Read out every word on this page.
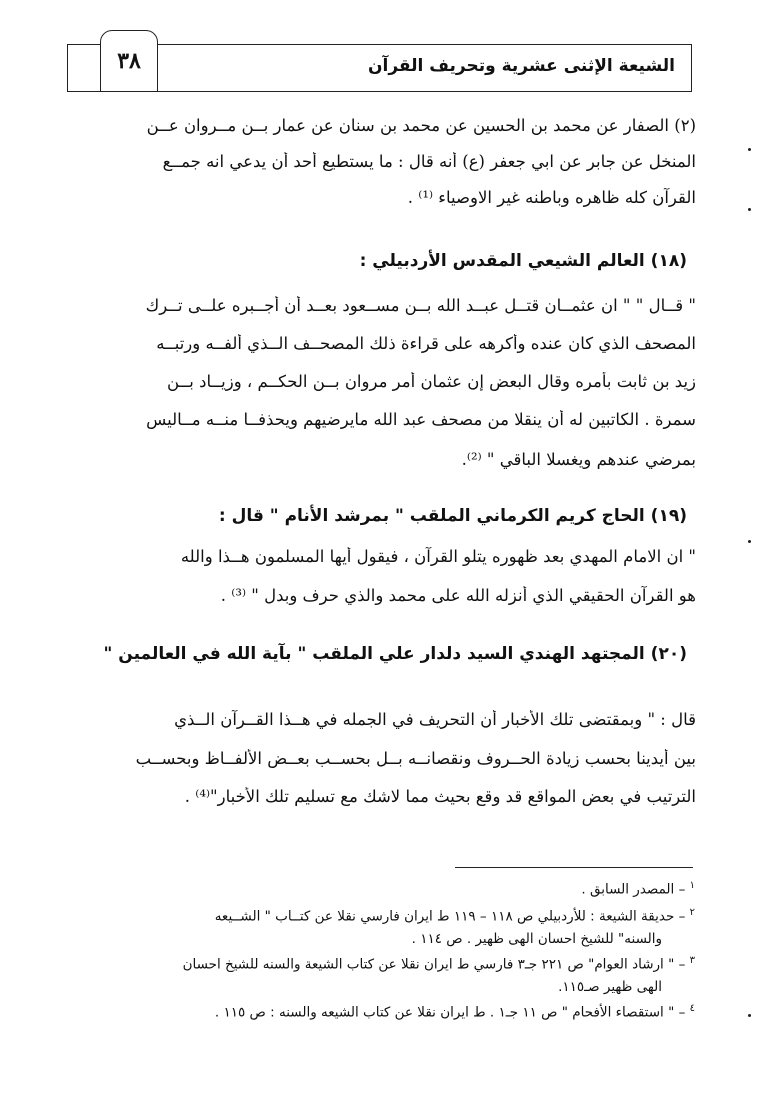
الشيعة الإثنى عشرية وتحريف القرآن
٣٨
(٢) الصفار عن محمد بن الحسين عن محمد بن سنان عن عمار بــن مــروان عــن
المنخل عن جابر عن ابي جعفر (ع) أنه قال : ما يستطيع أحد أن يدعي انه جمــع
القرآن كله ظاهره وباطنه غير الاوصياء ⁽¹⁾ .
(١٨) العالم الشيعي المقدس الأردبيلي :
" قــال " " ان عثمــان قتــل عبــد الله بــن مســعود بعــد أن أجــبره علــى تــرك
المصحف الذي كان عنده وأكرهه على قراءة ذلك المصحــف الــذي ألفــه ورتبــه
زيد بن ثابت بأمره وقال البعض إن عثمان أمر مروان بــن الحكــم ، وزيــاد بــن
سمرة . الكاتبين له أن ينقلا من مصحف عبد الله مايرضيهم ويحذفــا منــه مــاليس
بمرضي عندهم ويغسلا الباقي " ⁽²⁾.
(١٩) الحاج كريم الكرماني الملقب " بمرشد الأنام " قال :
" ان الامام المهدي بعد ظهوره يتلو القرآن ، فيقول أيها المسلمون هــذا والله
هو القرآن الحقيقي الذي أنزله الله على محمد والذي حرف وبدل " ⁽³⁾ .
(٢٠) المجتهد الهندي السيد دلدار علي الملقب " بآية الله في العالمين "
قال : " وبمقتضى تلك الأخبار أن التحريف في الجمله في هــذا القــرآن الــذي
بين أيدينا بحسب زيادة الحــروف ونقصانــه بــل بحســب بعــض الألفــاظ وبحســب
الترتيب في بعض المواقع قد وقع بحيث مما لاشك مع تسليم تلك الأخبار"⁽⁴⁾ .
$^١$ – المصدر السابق .
$^٢$ – حديقة الشيعة : للأردبيلي ص ١١٨ – ١١٩ ط ايران فارسي نقلا عن كتــاب " الشــيعه
والسنه" للشيخ احسان الهى ظهير . ص ١١٤ .
$^٣$ – " ارشاد العوام" ص ٢٢١ جـ٣ فارسي ط ايران نقلا عن كتاب الشيعة والسنه للشيخ احسان
الهى ظهير صـ١١٥.
$^٤$ – " استقصاء الأفحام " ص ١١ جـ١ . ط ايران نقلا عن كتاب الشيعه والسنه : ص ١١٥ .
